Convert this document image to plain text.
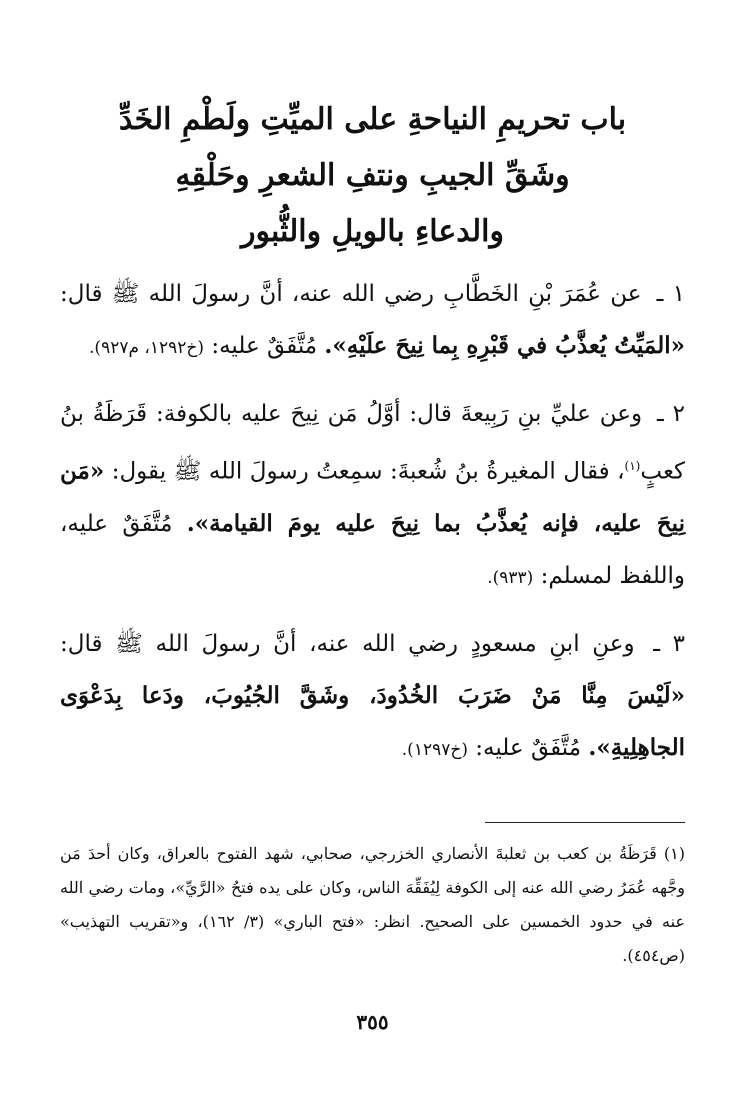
باب تحريمِ النياحةِ على الميِّتِ ولَطْمِ الخَدِّ
وشَقِّ الجيبِ ونتفِ الشعرِ وحَلْقِهِ
والدعاءِ بالويلِ والثُّبور

١ ـ عن عُمَرَ بْنِ الخَطَّابِ رضي الله عنه، أنَّ رسولَ الله ﷺ قال: «المَيِّتُ يُعذَّبُ في قَبْرِهِ بِما نِيحَ علَيْهِ». مُتَّفَقٌ عليه: (خ١٢٩٢، م٩٢٧).

٢ ـ وعن عليِّ بنِ رَبِيعةَ قال: أوَّلُ مَن نِيحَ عليه بالكوفة: قَرَظَةُ بنُ كعبٍ$^{(١)}$، فقال المغيرةُ بنُ شُعبةَ: سمِعتُ رسولَ الله ﷺ يقول: «مَن نِيحَ عليه، فإنه يُعذَّبُ بما نِيحَ عليه يومَ القيامة». مُتَّفَقٌ عليه، واللفظ لمسلم: (٩٣٣).

٣ ـ وعنِ ابنِ مسعودٍ رضي الله عنه، أنَّ رسولَ الله ﷺ قال: «لَيْسَ مِنَّا مَنْ ضَرَبَ الخُدُودَ، وشَقَّ الجُيُوبَ، ودَعا بِدَعْوَى الجاهِلِيةِ». مُتَّفَقٌ عليه: (خ١٢٩٧).

(١) قَرَظَةُ بن كعب بن ثعلبةَ الأنصاري الخزرجي، صحابي، شهد الفتوح بالعراق، وكان أحدَ مَن وجَّهه عُمَرُ رضي الله عنه إلى الكوفة لِيُفَقِّهَ الناس، وكان على يده فتحُ «الرَّيِّ»، ومات رضي الله عنه في حدود الخمسين على الصحيح. انظر: «فتح الباري» (٣/ ١٦٢)، و«تقريب التهذيب» (ص٤٥٤).
٣٥٥
